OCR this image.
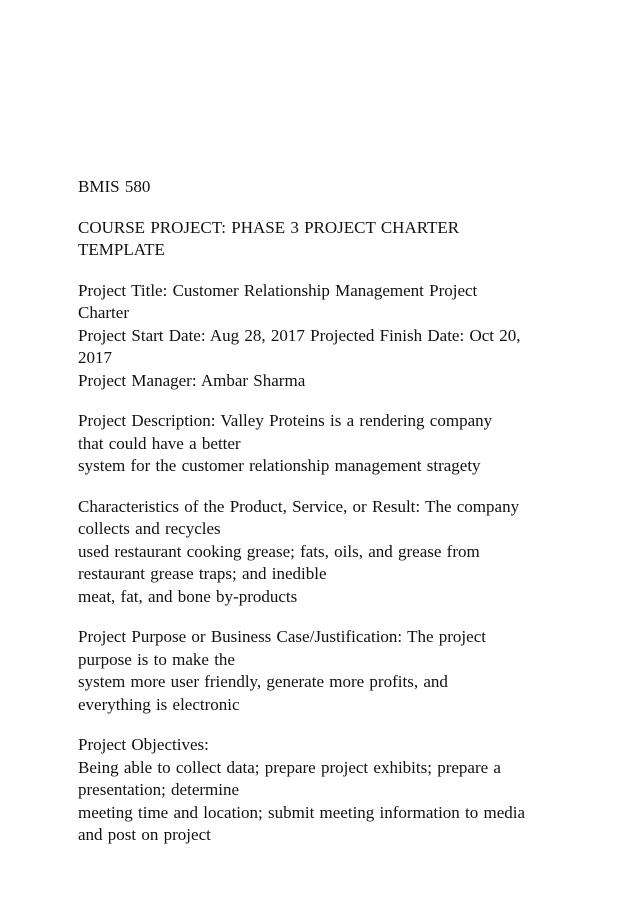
BMIS 580
COURSE PROJECT: PHASE 3 PROJECT CHARTER
TEMPLATE
Project Title: Customer Relationship Management Project
Charter
Project Start Date: Aug 28, 2017 Projected Finish Date: Oct 20,
2017
Project Manager: Ambar Sharma
Project Description: Valley Proteins is a rendering company
that could have a better
system for the customer relationship management stragety
Characteristics of the Product, Service, or Result: The company
collects and recycles
used restaurant cooking grease; fats, oils, and grease from
restaurant grease traps; and inedible
meat, fat, and bone by-products
Project Purpose or Business Case/Justification: The project
purpose is to make the
system more user friendly, generate more profits, and
everything is electronic
Project Objectives:
Being able to collect data; prepare project exhibits; prepare a
presentation; determine
meeting time and location; submit meeting information to media
and post on project
